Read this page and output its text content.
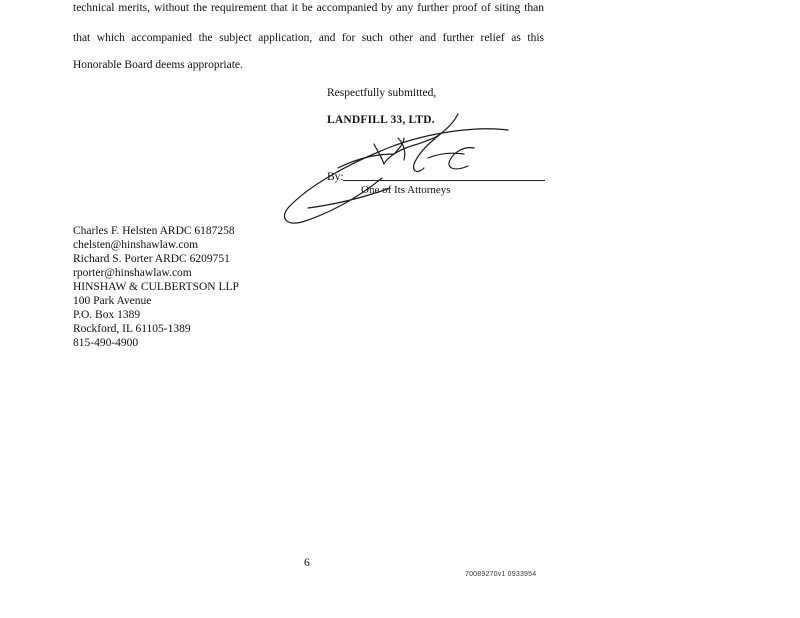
technical merits, without the requirement that it be accompanied by any further proof of siting than
that which accompanied the subject application, and for such other and further relief as this
Honorable Board deems appropriate.
Respectfully submitted,
LANDFILL 33, LTD.
By:
One of Its Attorneys
Charles F. Helsten ARDC 6187258
chelsten@hinshawlaw.com
Richard S. Porter ARDC 6209751
rporter@hinshawlaw.com
HINSHAW & CULBERTSON LLP
100 Park Avenue
P.O. Box 1389
Rockford, IL 61105-1389
815-490-4900
6
70089270v1 0933954
